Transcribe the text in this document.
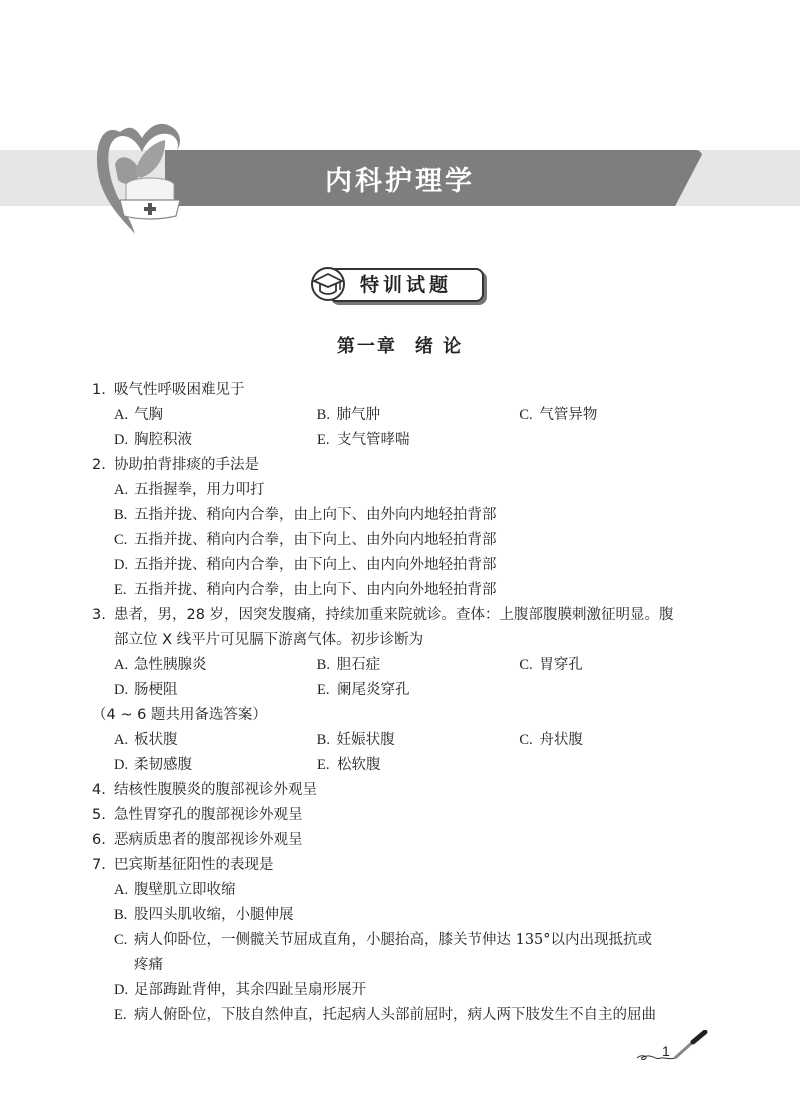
内科护理学
特训试题
第一章 绪 论
1. 吸气性呼吸困难见于
A. 气胸	B. 肺气肿	C. 气管异物
D. 胸腔积液	E. 支气管哮喘
2. 协助拍背排痰的手法是
A. 五指握拳，用力叩打
B. 五指并拢、稍向内合拳，由上向下、由外向内地轻拍背部
C. 五指并拢、稍向内合拳，由下向上、由外向内地轻拍背部
D. 五指并拢、稍向内合拳，由下向上、由内向外地轻拍背部
E. 五指并拢、稍向内合拳，由上向下、由内向外地轻拍背部
3. 患者，男，28 岁，因突发腹痛，持续加重来院就诊。查体：上腹部腹膜刺激征明显。腹
部立位 X 线平片可见膈下游离气体。初步诊断为
A. 急性胰腺炎	B. 胆石症	C. 胃穿孔
D. 肠梗阻	E. 阑尾炎穿孔
（4 ~ 6 题共用备选答案）
A. 板状腹	B. 妊娠状腹	C. 舟状腹
D. 柔韧感腹	E. 松软腹
4. 结核性腹膜炎的腹部视诊外观呈
5. 急性胃穿孔的腹部视诊外观呈
6. 恶病质患者的腹部视诊外观呈
7. 巴宾斯基征阳性的表现是
A. 腹壁肌立即收缩
B. 股四头肌收缩，小腿伸展
C. 病人仰卧位，一侧髋关节屈成直角，小腿抬高，膝关节伸达 135°以内出现抵抗或
疼痛
D. 足部踇趾背伸，其余四趾呈扇形展开
E. 病人俯卧位，下肢自然伸直，托起病人头部前屈时，病人两下肢发生不自主的屈曲
1
